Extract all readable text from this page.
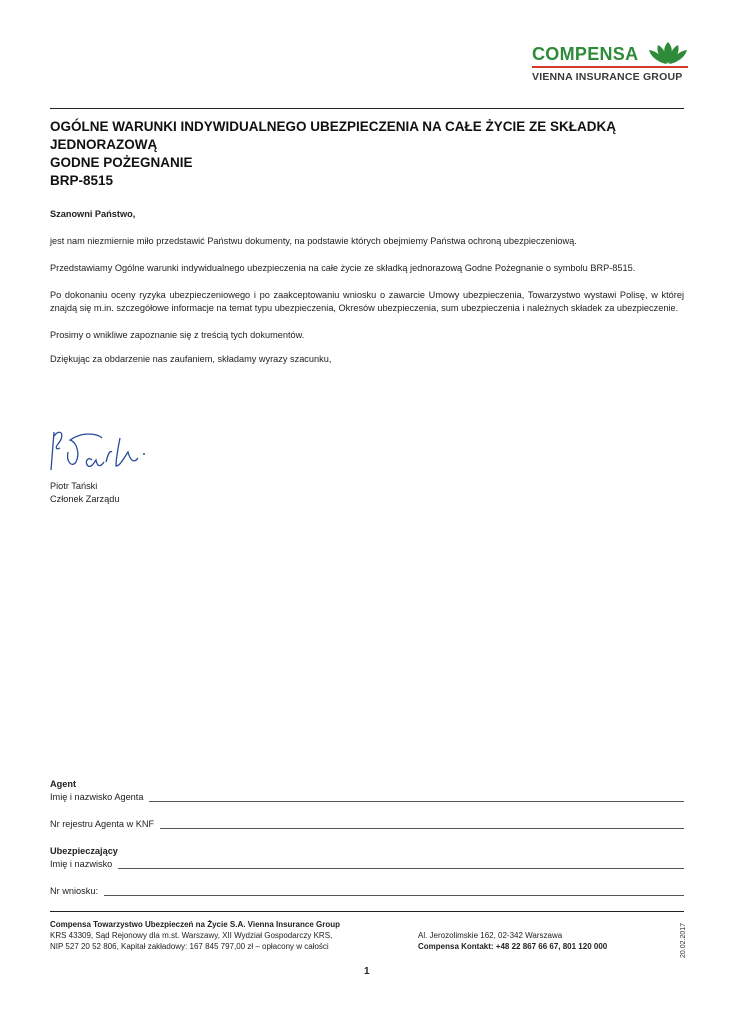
COMPENSA
VIENNA INSURANCE GROUP
OGÓLNE WARUNKI INDYWIDUALNEGO UBEZPIECZENIA NA CAŁE ŻYCIE ZE SKŁADKĄ
JEDNORAZOWĄ
GODNE POŻEGNANIE
BRP-8515

Szanowni Państwo,

jest nam niezmiernie miło przedstawić Państwu dokumenty, na podstawie których obejmiemy Państwa ochroną ubezpieczeniową.

Przedstawiamy Ogólne warunki indywidualnego ubezpieczenia na całe życie ze składką jednorazową Godne Pożegnanie o symbolu BRP-8515.

Po dokonaniu oceny ryzyka ubezpieczeniowego i po zaakceptowaniu wniosku o zawarcie Umowy ubezpieczenia, Towarzystwo wystawi Polisę, w której znajdą się m.in. szczegółowe informacje na temat typu ubezpieczenia, Okresów ubezpieczenia, sum ubezpieczenia i należnych składek za ubezpieczenie.

Prosimy o wnikliwe zapoznanie się z treścią tych dokumentów.

Dziękując za obdarzenie nas zaufaniem, składamy wyrazy szacunku,

Piotr Tański
Członek Zarządu
Agent
Imię i nazwisko Agenta
Nr rejestru Agenta w KNF
Ubezpieczający
Imię i nazwisko
Nr wniosku:
Compensa Towarzystwo Ubezpieczeń na Życie S.A. Vienna Insurance Group
KRS 43309, Sąd Rejonowy dla m.st. Warszawy, XII Wydział Gospodarczy KRS,
NIP 527 20 52 806, Kapitał zakładowy: 167 845 797,00 zł – opłacony w całości
Al. Jerozolimskie 162, 02-342 Warszawa
Compensa Kontakt: +48 22 867 66 67, 801 120 000	20.02.2017
1
